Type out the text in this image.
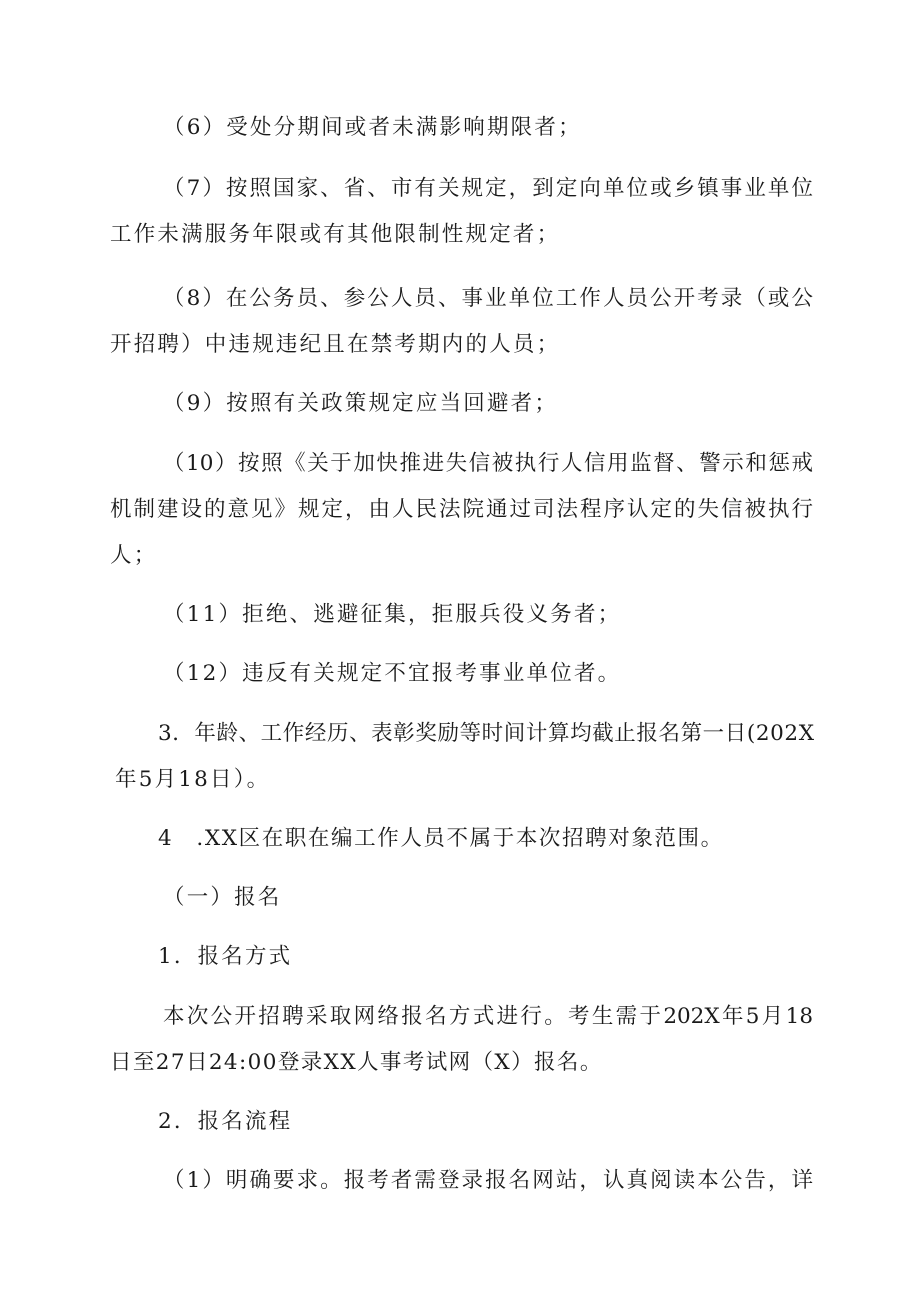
（6）受处分期间或者未满影响期限者；
（7）按照国家、省、市有关规定，到定向单位或乡镇事业单位
工作未满服务年限或有其他限制性规定者；
（8）在公务员、参公人员、事业单位工作人员公开考录（或公
开招聘）中违规违纪且在禁考期内的人员；
（9）按照有关政策规定应当回避者；
（10）按照《关于加快推进失信被执行人信用监督、警示和惩戒
机制建设的意见》规定，由人民法院通过司法程序认定的失信被执行
人；
（11）拒绝、逃避征集，拒服兵役义务者；
（12）违反有关规定不宜报考事业单位者。
3．年龄、工作经历、表彰奖励等时间计算均截止报名第一日(202X
年5月18日）。
4　.XX区在职在编工作人员不属于本次招聘对象范围。
（一）报名
1．报名方式
本次公开招聘采取网络报名方式进行。考生需于202X年5月18
日至27日24:00登录XX人事考试网（X）报名。
2．报名流程
（1）明确要求。报考者需登录报名网站，认真阅读本公告，详
